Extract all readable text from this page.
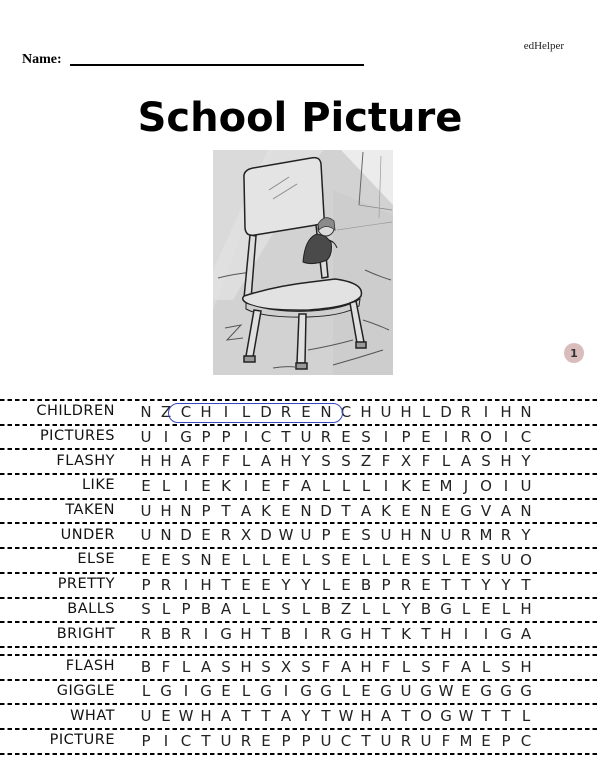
edHelper
Name:
School Picture
1
CHILDREN N Z C H I L D R E N C H U H L D R I H N
PICTURES	U I G P P I C T U R E S I P E I R O I C
FLASHY H H A F F L A H Y S S Z F X F L A S H Y
LIKE	E L I E K I E F A L L L I K E M J O I U
TAKEN	U H N P T A K E N D T A K E N E G V A N
UNDER	U N D E R X D W U P E S U H N U R M R Y
ELSE	E E S N E L L E L S E L L E S L E S U O
PRETTY	P R I H T E E Y Y L E B P R E T T Y Y T
BALLS	S L P B A L L S L B Z L L Y B G L E L H
BRIGHT	R B R I G H T B I R G H T K T H I	I G A
FLASH	B F L A S H S X S F A H F L S F A L S H
GIGGLE	L G I G E L G I G G L E G U G W E G G G
WHAT	U E W H A T T A Y T W H A T O G W T T L
PICTURE	P I C T U R E P P U C T U R U F M E P C
